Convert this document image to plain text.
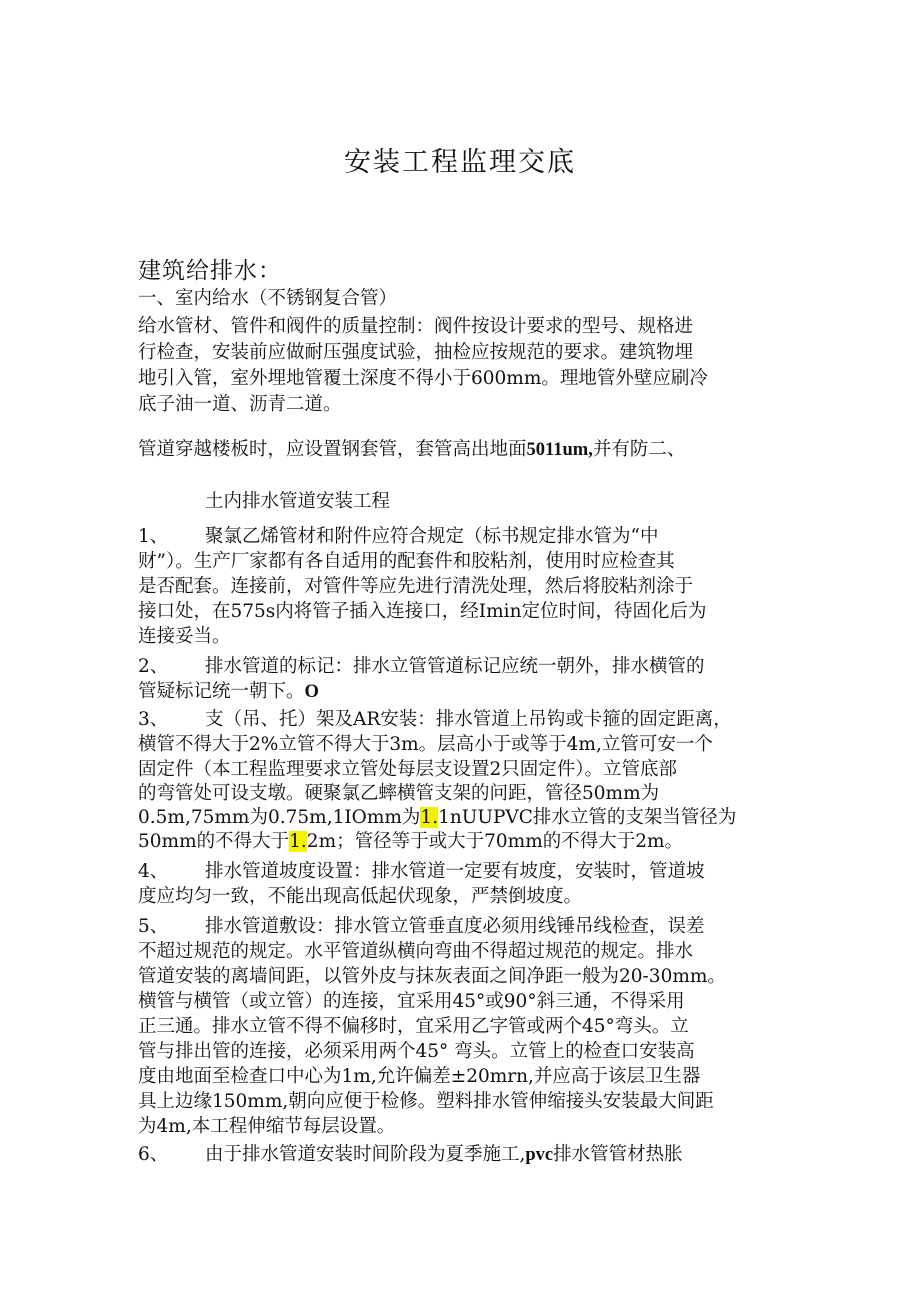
安装工程监理交底
建筑给排水：
一、室内给水（不锈钢复合管）
给水管材、管件和阀件的质量控制：阀件按设计要求的型号、规格进
行检查，安装前应做耐压强度试验，抽检应按规范的要求。建筑物埋
地引入管，室外埋地管覆土深度不得小于600mm。理地管外壁应刷冷
底子油一道、沥青二道。
管道穿越楼板时，应设置钢套管，套管高出地面5011um,并有防二、
土内排水管道安装工程
1、 聚氯乙烯管材和附件应符合规定（标书规定排水管为“中
财”）。生产厂家都有各自适用的配套件和胶粘剂，使用时应检查其
是否配套。连接前，对管件等应先进行清洗处理，然后将胶粘剂涂于
接口处，在575s内将管子插入连接口，经Imin定位时间，待固化后为
连接妥当。
2、 排水管道的标记：排水立管管道标记应统一朝外，排水横管的
管疑标记统一朝下。O
3、 支（吊、托）架及AR安装：排水管道上吊钩或卡箍的固定距离，
横管不得大于2%立管不得大于3m。层高小于或等于4m,立管可安一个
固定件（本工程监理要求立管处每层支设置2只固定件）。立管底部
的弯管处可设支墩。硬聚氯乙蟀横管支架的问距，管径50mm为
0.5m,75mm为0.75m,1IOmm为1.1nUUPVC排水立管的支架当管径为
50mm的不得大于1.2m；管径等于或大于70mm的不得大于2m。
4、 排水管道坡度设置：排水管道一定要有坡度，安装时，管道坡
度应均匀一致，不能出现高低起伏现象，严禁倒坡度。
5、 排水管道敷设：排水管立管垂直度必须用线锤吊线检查，误差
不超过规范的规定。水平管道纵横向弯曲不得超过规范的规定。排水
管道安装的离墙间距，以管外皮与抹灰表面之间净距一般为20-30mm。
横管与横管（或立管）的连接，宜采用45°或90°斜三通，不得采用
正三通。排水立管不得不偏移时，宜采用乙字管或两个45°弯头。立
管与排出管的连接，必须采用两个45° 弯头。立管上的检查口安装高
度由地面至检查口中心为1m,允许偏差±20mrn,并应高于该层卫生器
具上边缘150mm,朝向应便于检修。塑料排水管伸缩接头安装最大间距
为4m,本工程伸缩节每层设置。
6、 由于排水管道安装时间阶段为夏季施工,pvc排水管管材热胀
